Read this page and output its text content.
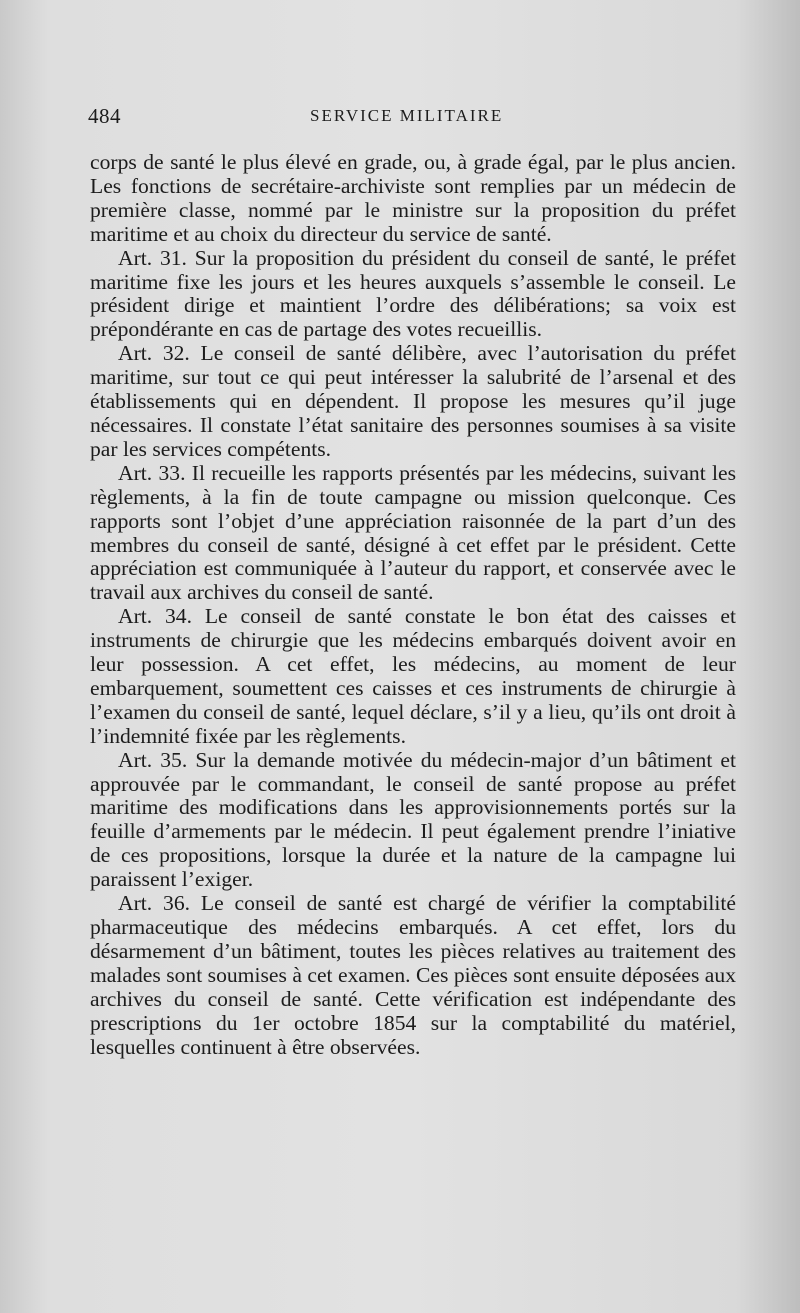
484	SERVICE MILITAIRE

corps de santé le plus élevé en grade, ou, à grade égal, par le plus ancien. Les fonctions de secrétaire-archiviste sont remplies par un médecin de première classe, nommé par le ministre sur la proposition du préfet maritime et au choix du directeur du service de santé.

Art. 31. Sur la proposition du président du conseil de santé, le préfet maritime fixe les jours et les heures auxquels s’assemble le conseil. Le président dirige et maintient l’ordre des délibérations; sa voix est prépondérante en cas de partage des votes recueillis.

Art. 32. Le conseil de santé délibère, avec l’autorisation du préfet maritime, sur tout ce qui peut intéresser la salubrité de l’arsenal et des établissements qui en dépendent. Il propose les mesures qu’il juge nécessaires. Il constate l’état sanitaire des personnes soumises à sa visite par les services compétents.

Art. 33. Il recueille les rapports présentés par les médecins, suivant les règlements, à la fin de toute campagne ou mission quelconque. Ces rapports sont l’objet d’une appréciation raisonnée de la part d’un des membres du conseil de santé, désigné à cet effet par le président. Cette appréciation est communiquée à l’auteur du rapport, et conservée avec le travail aux archives du conseil de santé.

Art. 34. Le conseil de santé constate le bon état des caisses et instruments de chirurgie que les médecins embarqués doivent avoir en leur possession. A cet effet, les médecins, au moment de leur embarquement, soumettent ces caisses et ces instruments de chirurgie à l’examen du conseil de santé, lequel déclare, s’il y a lieu, qu’ils ont droit à l’indemnité fixée par les règlements.

Art. 35. Sur la demande motivée du médecin-major d’un bâtiment et approuvée par le commandant, le conseil de santé propose au préfet maritime des modifications dans les approvisionnements portés sur la feuille d’armements par le médecin. Il peut également prendre l’iniative de ces propositions, lorsque la durée et la nature de la campagne lui paraissent l’exiger.

Art. 36. Le conseil de santé est chargé de vérifier la comptabilité pharmaceutique des médecins embarqués. A cet effet, lors du désarmement d’un bâtiment, toutes les pièces relatives au traitement des malades sont soumises à cet examen. Ces pièces sont ensuite déposées aux archives du conseil de santé. Cette vérification est indépendante des prescriptions du 1er octobre 1854 sur la comptabilité du matériel, lesquelles continuent à être observées.
